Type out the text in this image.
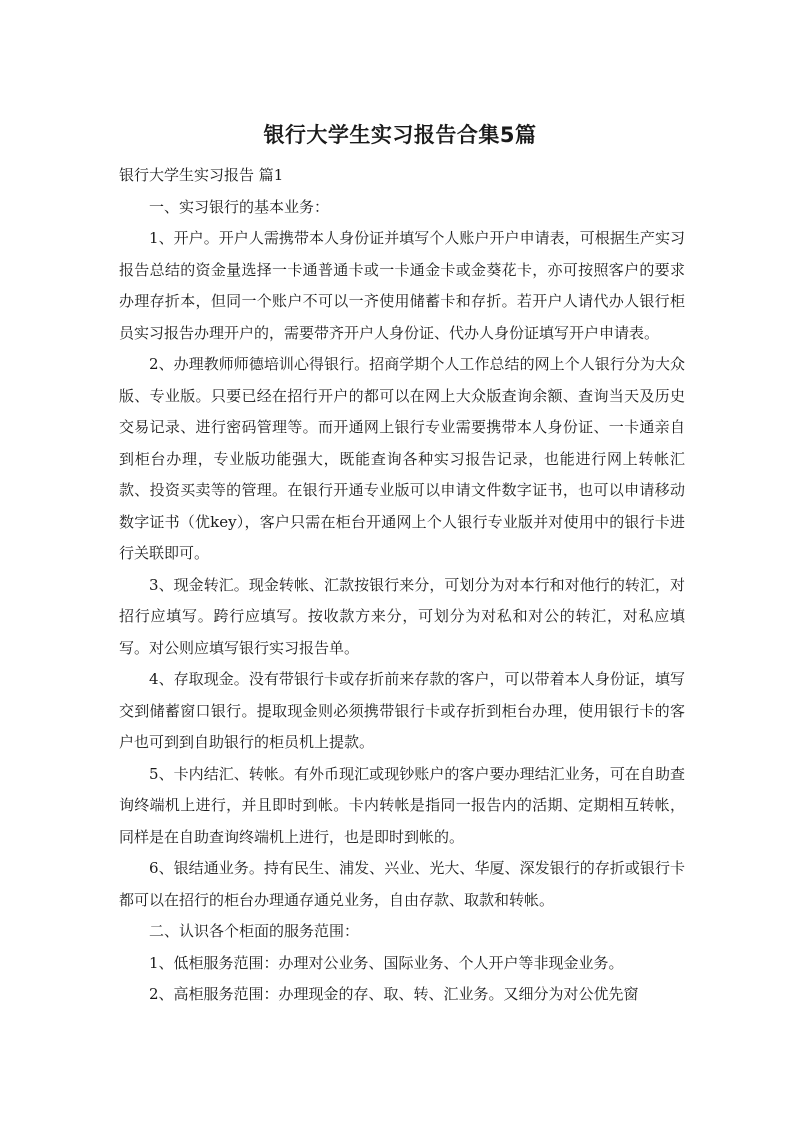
银行大学生实习报告合集5篇

银行大学生实习报告 篇1

一、实习银行的基本业务：

1、开户。开户人需携带本人身份证并填写个人账户开户申请表，可根据生产实习报告总结的资金量选择一卡通普通卡或一卡通金卡或金葵花卡，亦可按照客户的要求办理存折本，但同一个账户不可以一齐使用储蓄卡和存折。若开户人请代办人银行柜员实习报告办理开户的，需要带齐开户人身份证、代办人身份证填写开户申请表。

2、办理教师师德培训心得银行。招商学期个人工作总结的网上个人银行分为大众版、专业版。只要已经在招行开户的都可以在网上大众版查询余额、查询当天及历史交易记录、进行密码管理等。而开通网上银行专业需要携带本人身份证、一卡通亲自到柜台办理，专业版功能强大，既能查询各种实习报告记录，也能进行网上转帐汇款、投资买卖等的管理。在银行开通专业版可以申请文件数字证书，也可以申请移动数字证书（优key），客户只需在柜台开通网上个人银行专业版并对使用中的银行卡进行关联即可。

3、现金转汇。现金转帐、汇款按银行来分，可划分为对本行和对他行的转汇，对招行应填写。跨行应填写。按收款方来分，可划分为对私和对公的转汇，对私应填写。对公则应填写银行实习报告单。

4、存取现金。没有带银行卡或存折前来存款的客户，可以带着本人身份证，填写交到储蓄窗口银行。提取现金则必须携带银行卡或存折到柜台办理，使用银行卡的客户也可到到自助银行的柜员机上提款。

5、卡内结汇、转帐。有外币现汇或现钞账户的客户要办理结汇业务，可在自助查询终端机上进行，并且即时到帐。卡内转帐是指同一报告内的活期、定期相互转帐，同样是在自助查询终端机上进行，也是即时到帐的。

6、银结通业务。持有民生、浦发、兴业、光大、华厦、深发银行的存折或银行卡都可以在招行的柜台办理通存通兑业务，自由存款、取款和转帐。

二、认识各个柜面的服务范围：

1、低柜服务范围：办理对公业务、国际业务、个人开户等非现金业务。

2、高柜服务范围：办理现金的存、取、转、汇业务。又细分为对公优先窗
